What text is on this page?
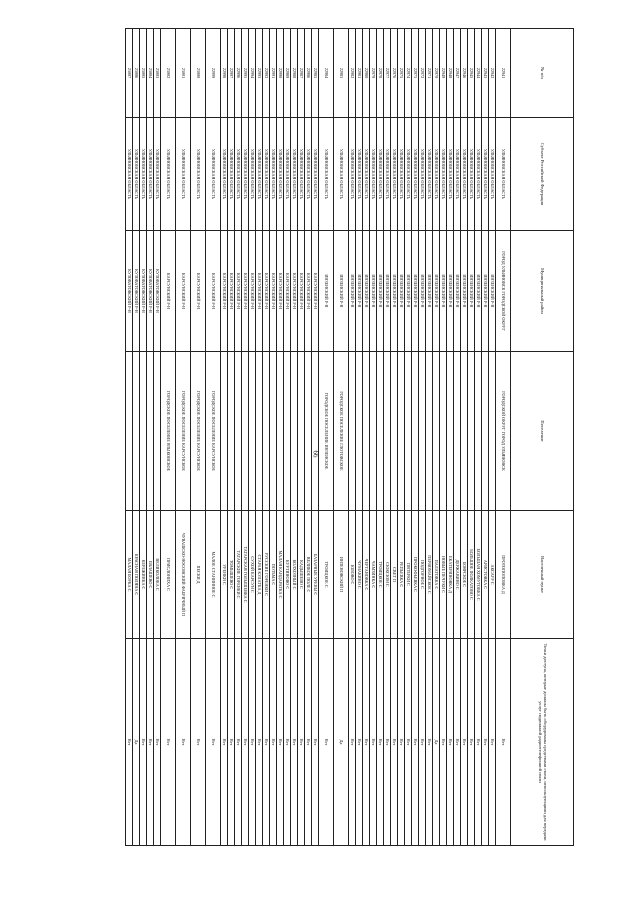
66
№ п/п	Субъект Российской Федерации	Муниципальный район	Поселение	Населенный пункт	Точки доступа, которые должны быть оборудованы средствами связи, использующими для передачи услуг подвижной радиотелефонной связи
22941	УЛЬЯНОВСКАЯ ОБЛАСТЬ	ГОРОД УЛЬЯНОВСК ГОРОДСКОЙ ОКРУГ	ГОРОДСКОЙ ОКРУГ ГОРОД УЛЬЯНОВСК	ПРОТОПОПОВКА Д	Нет
22942	УЛЬЯНОВСКАЯ ОБЛАСТЬ	ИНЗЕНСКИЙ Р-Н		АКСАУР С	Нет
22943	УЛЬЯНОВСКАЯ ОБЛАСТЬ	ИНЗЕНСКИЙ Р-Н		АРИСТОВКА С	Нет
22944	УЛЬЯНОВСКАЯ ОБЛАСТЬ	ИНЗЕНСКИЙ Р-Н		БОЛЬШАЯ ХОМУТОВКА С	Нет
22945	УЛЬЯНОВСКАЯ ОБЛАСТЬ	ИНЗЕНСКИЙ Р-Н		БОЛЬШОЕ ПОЛКАТОВО С	Нет
22946	УЛЬЯНОВСКАЯ ОБЛАСТЬ	ИНЗЕНСКИЙ Р-Н		БОЯРСКОЕ С	Нет
22947	УЛЬЯНОВСКАЯ ОБЛАСТЬ	ИНЗЕНСКИЙ Р-Н		ДЕРЖАВИНО С	Нет
22948	УЛЬЯНОВСКАЯ ОБЛАСТЬ	ИНЗЕНСКИЙ Р-Н		ЕКАТЕРИНОВКА Д	Нет
22949	УЛЬЯНОВСКАЯ ОБЛАСТЬ	ИНЗЕНСКИЙ Р-Н		НОВЫЕ ПЕЧУКИ С	Нет
22970	УЛЬЯНОВСКАЯ ОБЛАСТЬ	ИНЗЕНСКИЙ Р-Н		ПАЛАТОВКА С	Да
22971	УЛЬЯНОВСКАЯ ОБЛАСТЬ	ИНЗЕНСКИЙ Р-Н		ПЕРВОМАЙСКОЕ С	Нет
22972	УЛЬЯНОВСКАЯ ОБЛАСТЬ	ИНЗЕНСКИЙ Р-Н		ПОДГОРНОЕ С	Нет
22973	УЛЬЯНОВСКАЯ ОБЛАСТЬ	ИНЗЕНСКИЙ Р-Н		ПРОКОФЬЕВКА С	Нет
22974	УЛЬЯНОВСКАЯ ОБЛАСТЬ	ИНЗЕНСКИЙ Р-Н		ПЯТЕРКИ С	Нет
22975	УЛЬЯНОВСКАЯ ОБЛАСТЬ	ИНЗЕНСКИЙ Р-Н		РЕПЬЕВКА С	Нет
22976	УЛЬЯНОВСКАЯ ОБЛАСТЬ	ИНЗЕНСКИЙ Р-Н		СВЕТ П	Нет
22977	УЛЬЯНОВСКАЯ ОБЛАСТЬ	ИНЗЕНСКИЙ Р-Н		СЮКСЮМ С	Нет
22978	УЛЬЯНОВСКАЯ ОБЛАСТЬ	ИНЗЕНСКИЙ Р-Н		ТРОИЦКОЕ С	Нет
22979	УЛЬЯНОВСКАЯ ОБЛАСТЬ	ИНЗЕНСКИЙ Р-Н		ЧАМЗИНКА С	Нет
22980	УЛЬЯНОВСКАЯ ОБЛАСТЬ	ИНЗЕНСКИЙ Р-Н		ЧЕРТАНОВКА С	Нет
22981	УЛЬЯНОВСКАЯ ОБЛАСТЬ	ИНЗЕНСКИЙ Р-Н		ЧУМАКИНО С	Нет
22982	УЛЬЯНОВСКАЯ ОБЛАСТЬ	ИНЗЕНСКИЙ Р-Н		ЮЛОВО С	Нет
22983	УЛЬЯНОВСКАЯ ОБЛАСТЬ	ИНЗЕНСКИЙ Р-Н	ГОРОДСКОЕ ПОСЕЛЕНИЕ ГЛОТОВСКОЕ	ИНЗЕНОВСКИЙ П	Да
22984	УЛЬЯНОВСКАЯ ОБЛАСТЬ	ИНЗЕНСКИЙ Р-Н	ГОРОДСКОЕ ПОСЕЛЕНИЕ ИНЗЕНСКОЕ	ТРОИЦКОЕ С	Нет
22985	УЛЬЯНОВСКАЯ ОБЛАСТЬ	КАРСУНСКИЙ Р-Н		БАЗАРНЫЕ УРЕНЫ С	Нет
22986	УЛЬЯНОВСКАЯ ОБЛАСТЬ	КАРСУНСКИЙ Р-Н		ВЕЛИКОЕ ПОЛЕ С	Нет
22987	УЛЬЯНОВСКАЯ ОБЛАСТЬ	КАРСУНСКИЙ Р-Н		КАДЫШЕВО С	Нет
22988	УЛЬЯНОВСКАЯ ОБЛАСТЬ	КАРСУНСКИЙ Р-Н		КОЛХОЗНЫЙ С	Нет
22989	УЛЬЯНОВСКАЯ ОБЛАСТЬ	КАРСУНСКИЙ Р-Н		КУРТИНОВО С	Нет
22990	УЛЬЯНОВСКАЯ ОБЛАСТЬ	КАРСУНСКИЙ Р-Н		МАЛАЯ КАНДАРАТКА С	Нет
22991	УЛЬЯНОВСКАЯ ОБЛАСТЬ	КАРСУНСКИЙ Р-Н		ПОТЬМА С	Нет
22992	УЛЬЯНОВСКАЯ ОБЛАСТЬ	КАРСУНСКИЙ Р-Н		РУССКИЕ ГОРЕНКИ С	Нет
22993	УЛЬЯНОВСКАЯ ОБЛАСТЬ	КАРСУНСКИЙ Р-Н		СТАРАЯ КУЛАТКА Д	Нет
22994	УЛЬЯНОВСКАЯ ОБЛАСТЬ	КАРСУНСКИЙ Р-Н		СУХОЙ КАРСУН С	Нет
22995	УЛЬЯНОВСКАЯ ОБЛАСТЬ	КАРСУНСКИЙ Р-Н		ТАТАРСКАЯ ГОЛЫШЕВКА С	Нет
22996	УЛЬЯНОВСКАЯ ОБЛАСТЬ	КАРСУНСКИЙ Р-Н		ТАТАРСКИЕ ГОРЕНКИ С	Нет
22997	УЛЬЯНОВСКАЯ ОБЛАСТЬ	КАРСУНСКИЙ Р-Н		ТОМЫШЕВО С	Нет
22998	УЛЬЯНОВСКАЯ ОБЛАСТЬ	КАРСУНСКИЙ Р-Н		УРЕНКИ С	Нет
22999	УЛЬЯНОВСКАЯ ОБЛАСТЬ	КАРСУНСКИЙ Р-Н	ГОРОДСКОЕ ПОСЕЛЕНИЕ КАРСУНСКОЕ	МАЛОЕ СТАНИННОЕ С	Нет
23000	УЛЬЯНОВСКАЯ ОБЛАСТЬ	КАРСУНСКИЙ Р-Н	ГОРОДСКОЕ ПОСЕЛЕНИЕ КАРСУНСКОЕ	ПЕСКИ Д	Нет
23001	УЛЬЯНОВСКАЯ ОБЛАСТЬ	КАРСУНСКИЙ Р-Н	ГОРОДСКОЕ ПОСЕЛЕНИЕ КАРСУНСКОЕ	ЧУВАШСКО-НОСОВСКИЙ ФАБРИЧНЫЙ П	Нет
23002	УЛЬЯНОВСКАЯ ОБЛАСТЬ	КАРСУНСКИЙ Р-Н	ГОРОДСКОЕ ПОСЕЛЕНИЕ ЯЗЫКОВСКОЕ	ПРИСЛОНИХА С	Нет
23003	УЛЬЯНОВСКАЯ ОБЛАСТЬ	КУЗОВАТОВСКИЙ Р-Н		ВЕЛИКОЛОКА С	Нет
23004	УЛЬЯНОВСКАЯ ОБЛАСТЬ	КУЗОВАТОВСКИЙ Р-Н		ЕВЛАШЕВО С	Нет
23005	УЛЬЯНОВСКАЯ ОБЛАСТЬ	КУЗОВАТОВСКИЙ Р-Н		КЕРЕЖИНКА С	Нет
23006	УЛЬЯНОВСКАЯ ОБЛАСТЬ	КУЗОВАТОВСКИЙ Р-Н		КРАСНАЯ ПОЛЯНА С	Да
23007	УЛЬЯНОВСКАЯ ОБЛАСТЬ	КУЗОВАТОВСКИЙ Р-Н		МАЛАЯ БОРКА С	Нет
